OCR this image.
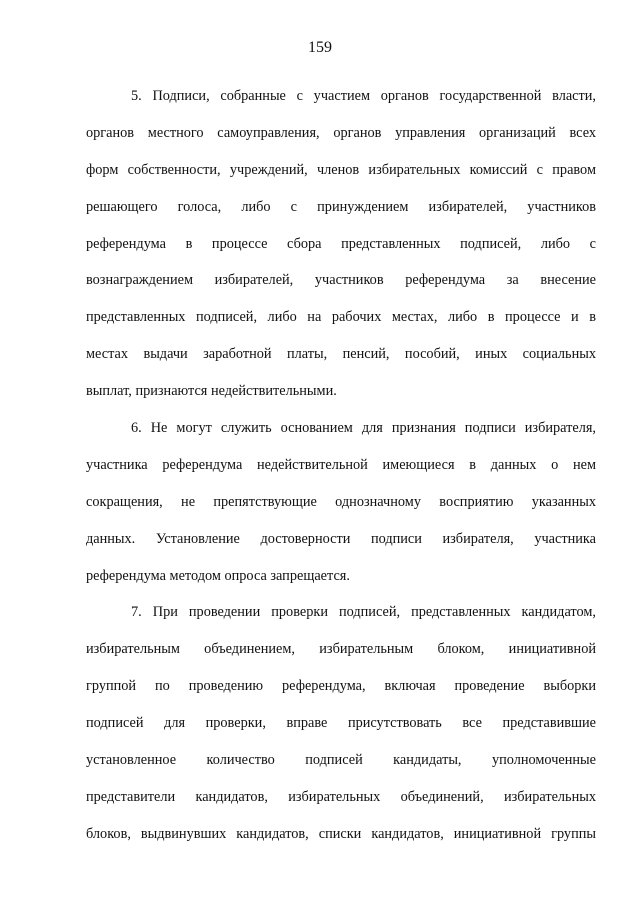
159
5. Подписи, собранные с участием органов государственной власти,
органов местного самоуправления, органов управления организаций всех
форм собственности, учреждений, членов избирательных комиссий с правом
решающего голоса, либо с принуждением избирателей, участников
референдума в процессе сбора представленных подписей, либо с
вознаграждением избирателей, участников референдума за внесение
представленных подписей, либо на рабочих местах, либо в процессе и в
местах выдачи заработной платы, пенсий, пособий, иных социальных
выплат, признаются недействительными.
6. Не могут служить основанием для признания подписи избирателя,
участника референдума недействительной имеющиеся в данных о нем
сокращения, не препятствующие однозначному восприятию указанных
данных. Установление достоверности подписи избирателя, участника
референдума методом опроса запрещается.
7. При проведении проверки подписей, представленных кандидатом,
избирательным объединением, избирательным блоком, инициативной
группой по проведению референдума, включая проведение выборки
подписей для проверки, вправе присутствовать все представившие
установленное количество подписей кандидаты, уполномоченные
представители кандидатов, избирательных объединений, избирательных
блоков, выдвинувших кандидатов, списки кандидатов, инициативной группы
